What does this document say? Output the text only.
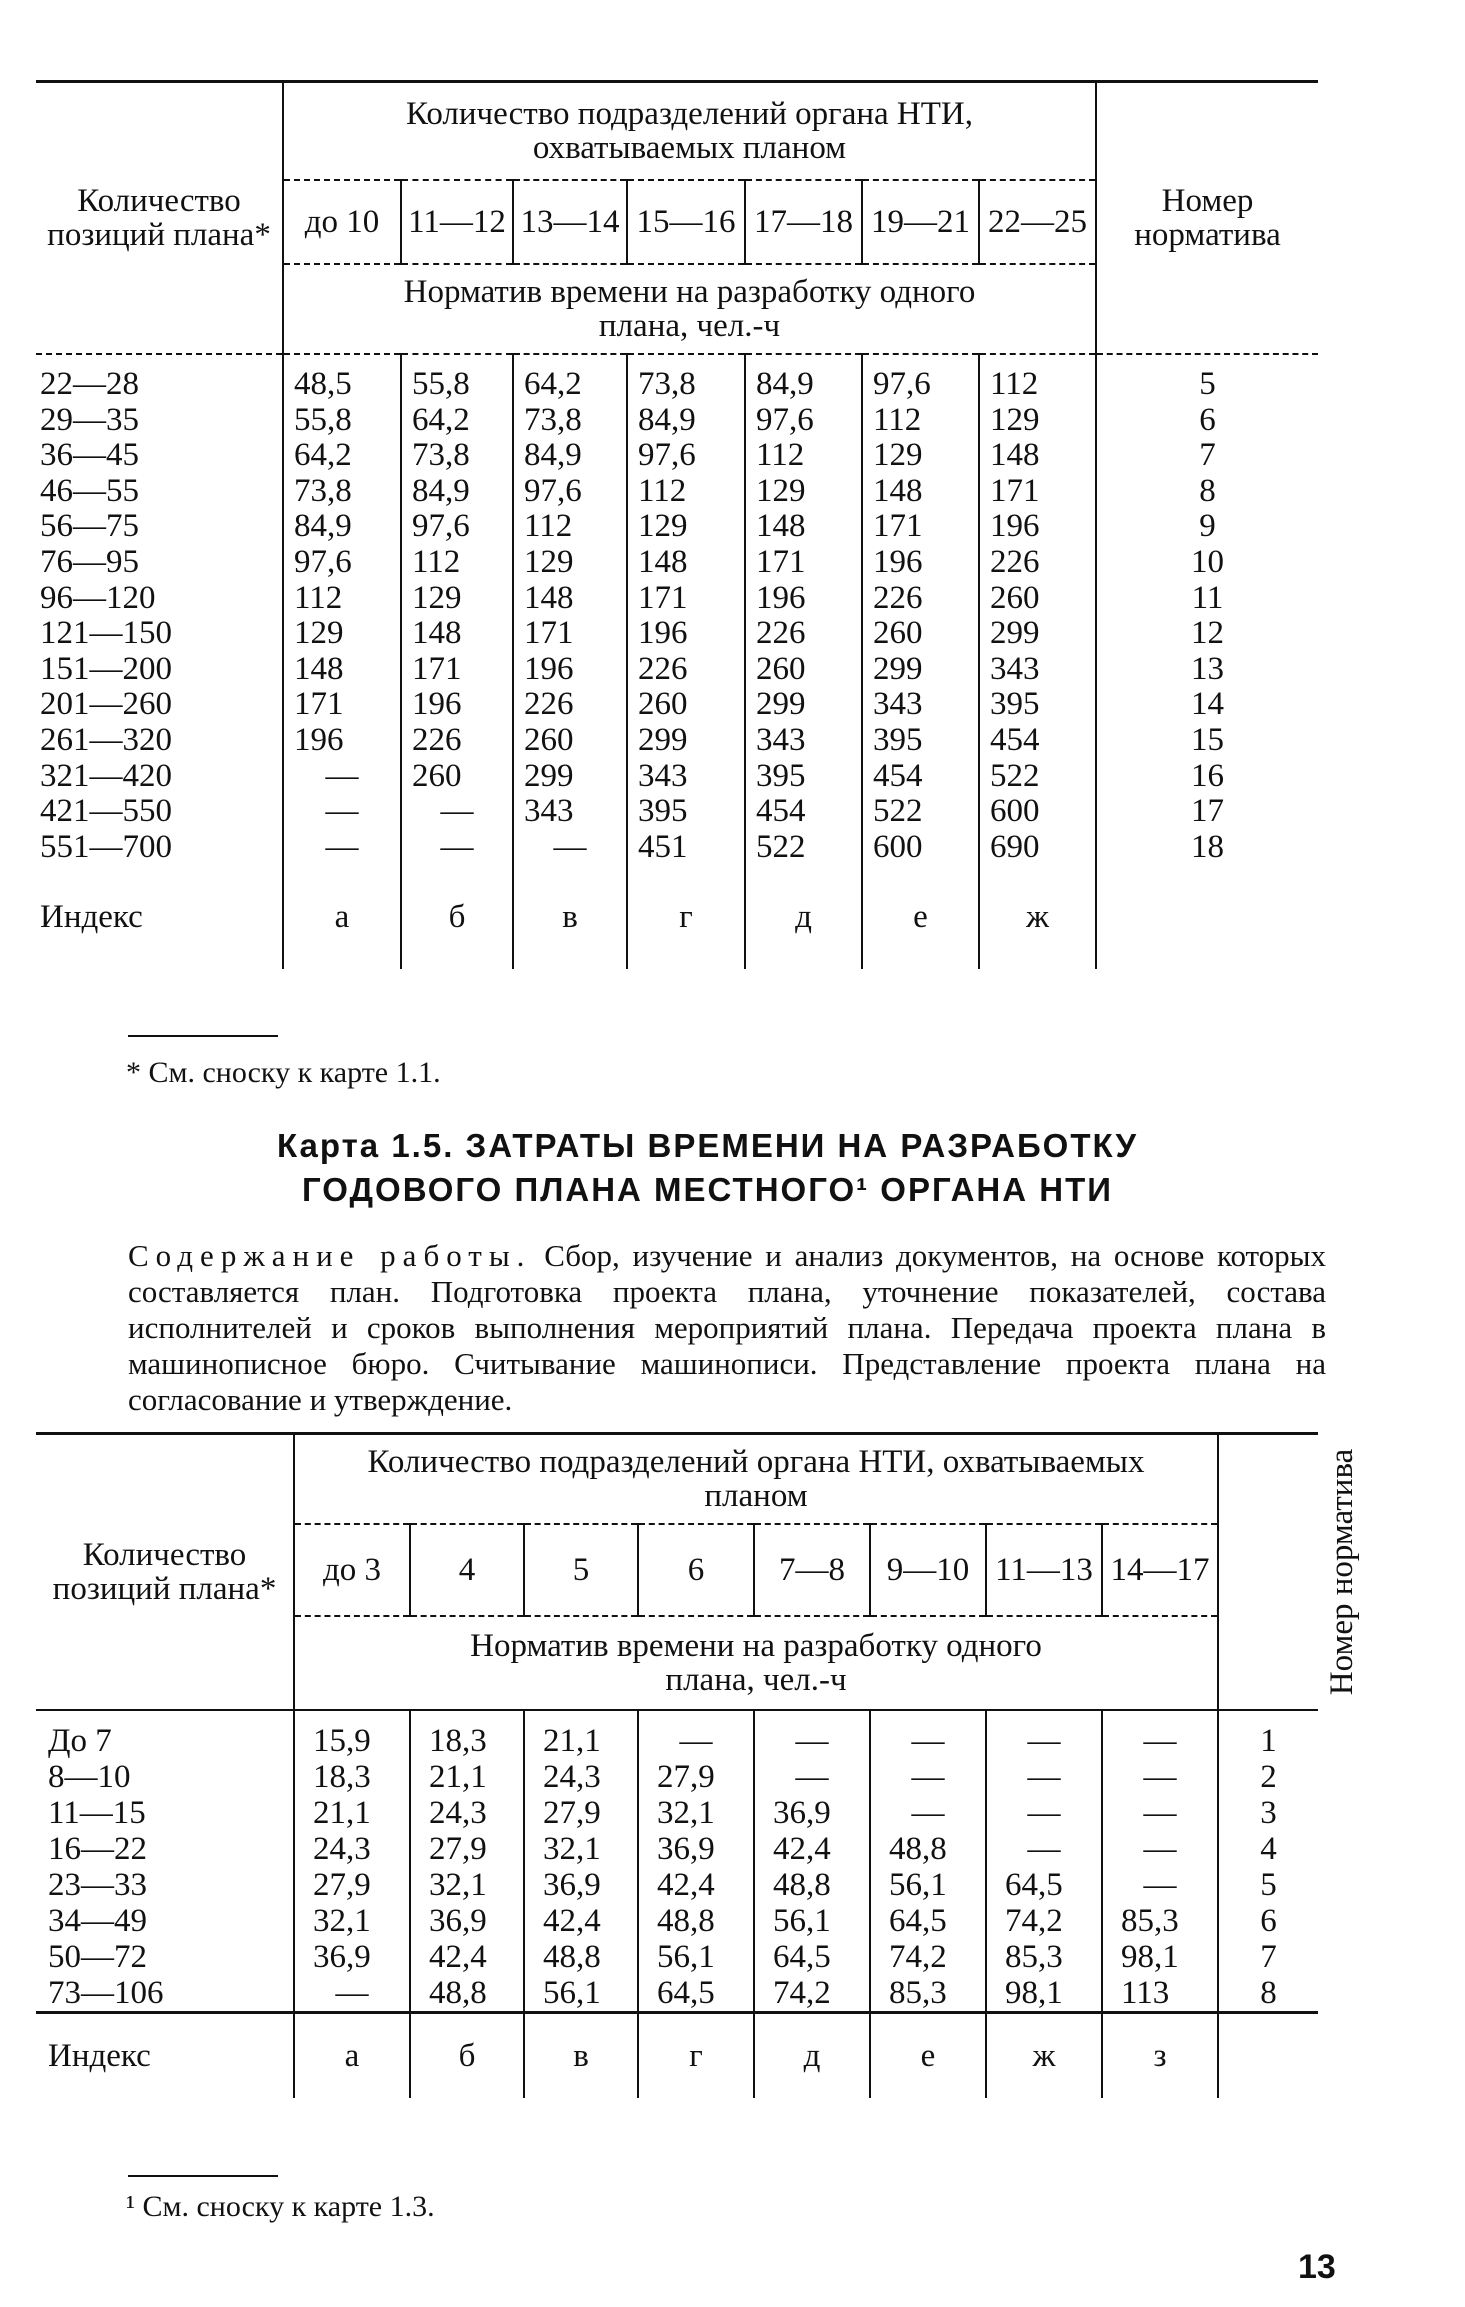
Количество позиций плана*	Количество подразделений органа НТИ, охватываемых планом							Номер норматива
	до 10	11—12	13—14	15—16	17—18	19—21	22—25	
	Норматив времени на разработку одного плана, чел.-ч							
22—28	48,5	55,8	64,2	73,8	84,9	97,6	112	5
29—35	55,8	64,2	73,8	84,9	97,6	112	129	6
36—45	64,2	73,8	84,9	97,6	112	129	148	7
46—55	73,8	84,9	97,6	112	129	148	171	8
56—75	84,9	97,6	112	129	148	171	196	9
76—95	97,6	112	129	148	171	196	226	10
96—120	112	129	148	171	196	226	260	11
121—150	129	148	171	196	226	260	299	12
151—200	148	171	196	226	260	299	343	13
201—260	171	196	226	260	299	343	395	14
261—320	196	226	260	299	343	395	454	15
321—420	—	260	299	343	395	454	522	16
421—550	—	—	343	395	454	522	600	17
551—700	—	—	—	451	522	600	690	18
Индекс	а	б	в	г	д	е	ж	
* См. сноску к карте 1.1.
Карта 1.5. ЗАТРАТЫ ВРЕМЕНИ НА РАЗРАБОТКУ
ГОДОВОГО ПЛАНА МЕСТНОГО¹ ОРГАНА НТИ
Содержание работы. Сбор, изучение и анализ документов, на основе которых составляется план. Подготовка проекта плана, уточнение показателей, состава исполнителей и сроков выполнения мероприятий плана. Передача проекта плана в машинописное бюро. Считывание машинописи. Представление проекта плана на согласование и утверждение.
Количество позиций плана*	Количество подразделений органа НТИ, охватываемых планом								Номер норматива
	до 3	4	5	6	7—8	9—10	11—13	14—17	
	Норматив времени на разработку одного плана, чел.-ч								
До 7	15,9	18,3	21,1	—	—	—	—	—	1
8—10	18,3	21,1	24,3	27,9	—	—	—	—	2
11—15	21,1	24,3	27,9	32,1	36,9	—	—	—	3
16—22	24,3	27,9	32,1	36,9	42,4	48,8	—	—	4
23—33	27,9	32,1	36,9	42,4	48,8	56,1	64,5	—	5
34—49	32,1	36,9	42,4	48,8	56,1	64,5	74,2	85,3	6
50—72	36,9	42,4	48,8	56,1	64,5	74,2	85,3	98,1	7
73—106	—	48,8	56,1	64,5	74,2	85,3	98,1	113	8
Индекс	а	б	в	г	д	е	ж	з	
¹ См. сноску к карте 1.3.
13
